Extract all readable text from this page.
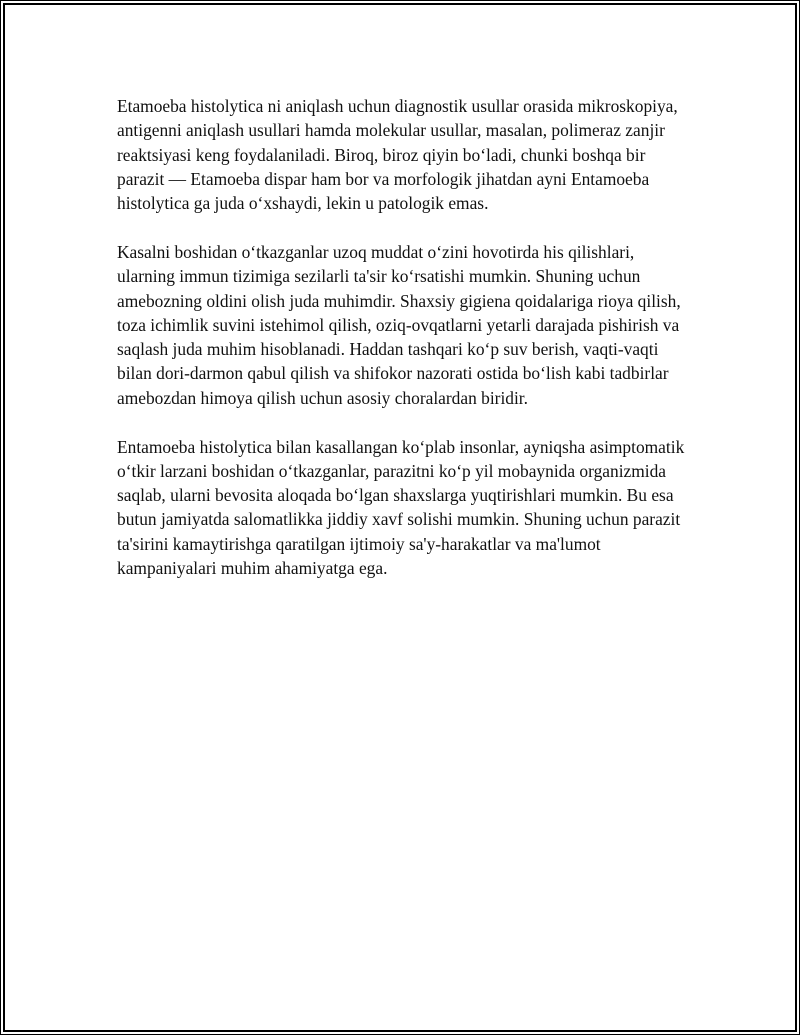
Etamoeba histolytica ni aniqlash uchun diagnostik usullar orasida mikroskopiya, antigenni aniqlash usullari hamda molekular usullar, masalan, polimeraz zanjir reaktsiyasi keng foydalaniladi. Biroq, biroz qiyin boʻladi, chunki boshqa bir parazit — Etamoeba dispar ham bor va morfologik jihatdan ayni Entamoeba histolytica ga juda oʻxshaydi, lekin u patologik emas.

Kasalni boshidan oʻtkazganlar uzoq muddat oʻzini hovotirda his qilishlari, ularning immun tizimiga sezilarli ta'sir koʻrsatishi mumkin. Shuning uchun amebozning oldini olish juda muhimdir. Shaxsiy gigiena qoidalariga rioya qilish, toza ichimlik suvini istehimol qilish, oziq-ovqatlarni yetarli darajada pishirish va saqlash juda muhim hisoblanadi. Haddan tashqari koʻp suv berish, vaqti-vaqti bilan dori-darmon qabul qilish va shifokor nazorati ostida boʻlish kabi tadbirlar amebozdan himoya qilish uchun asosiy choralardan biridir.

Entamoeba histolytica bilan kasallangan koʻplab insonlar, ayniqsha asimptomatik oʻtkir larzani boshidan oʻtkazganlar, parazitni koʻp yil mobaynida organizmida saqlab, ularni bevosita aloqada boʻlgan shaxslarga yuqtirishlari mumkin. Bu esa butun jamiyatda salomatlikka jiddiy xavf solishi mumkin. Shuning uchun parazit ta'sirini kamaytirishga qaratilgan ijtimoiy sa'y-harakatlar va ma'lumot kampaniyalari muhim ahamiyatga ega.
